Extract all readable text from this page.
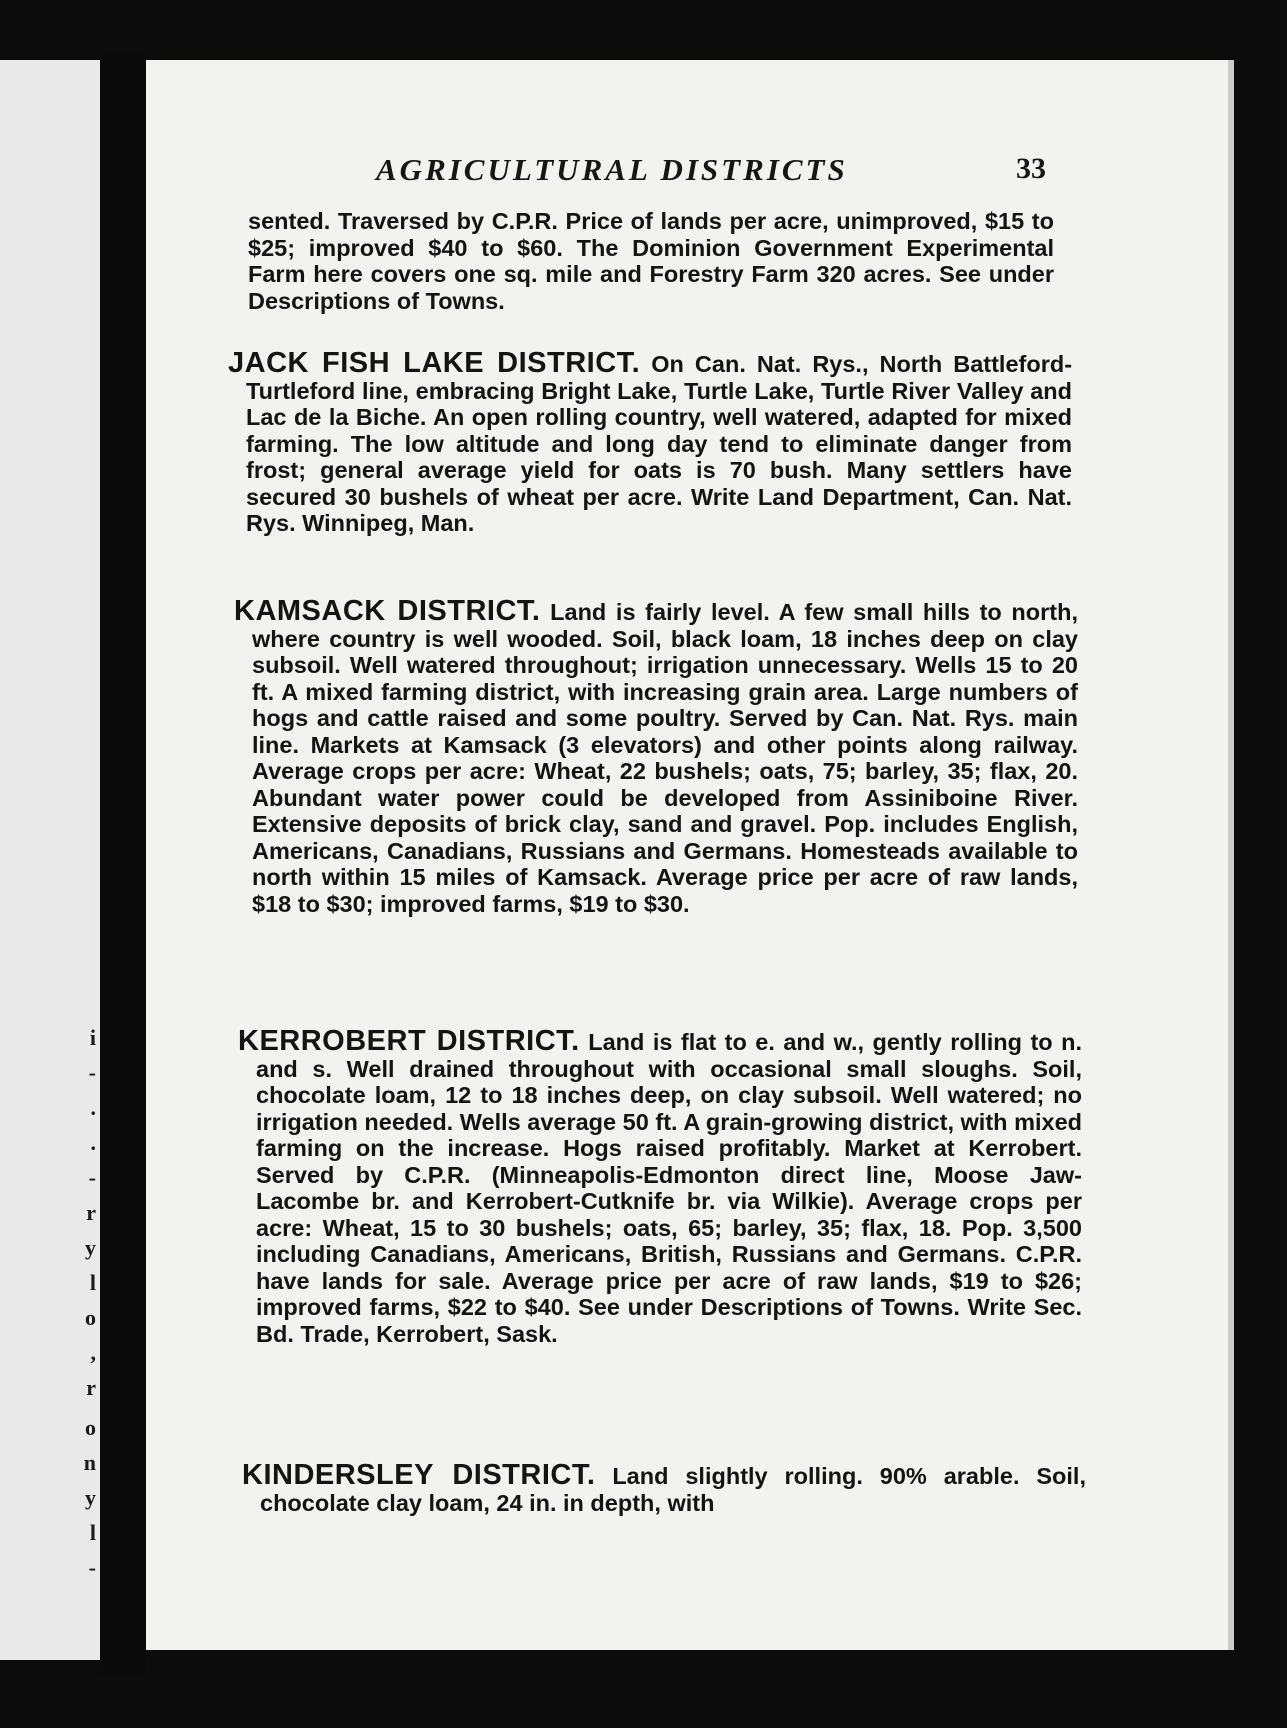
i
-
.
.
-
r
y
l
o
,
r
o
n
y
l
-
AGRICULTURAL DISTRICTS	33

sented. Traversed by C.P.R. Price of lands per acre, unimproved, $15 to $25; improved $40 to $60. The Dominion Government Experimental Farm here covers one sq. mile and Forestry Farm 320 acres. See under Descriptions of Towns.

JACK FISH LAKE DISTRICT. On Can. Nat. Rys., North Battleford-Turtleford line, embracing Bright Lake, Turtle Lake, Turtle River Valley and Lac de la Biche. An open rolling country, well watered, adapted for mixed farming. The low altitude and long day tend to eliminate danger from frost; general average yield for oats is 70 bush. Many settlers have secured 30 bushels of wheat per acre. Write Land Department, Can. Nat. Rys. Winnipeg, Man.

KAMSACK DISTRICT. Land is fairly level. A few small hills to north, where country is well wooded. Soil, black loam, 18 inches deep on clay subsoil. Well watered throughout; irrigation unnecessary. Wells 15 to 20 ft. A mixed farming district, with increasing grain area. Large numbers of hogs and cattle raised and some poultry. Served by Can. Nat. Rys. main line. Markets at Kamsack (3 elevators) and other points along railway. Average crops per acre: Wheat, 22 bushels; oats, 75; barley, 35; flax, 20. Abundant water power could be developed from Assiniboine River. Extensive deposits of brick clay, sand and gravel. Pop. includes English, Americans, Canadians, Russians and Germans. Homesteads available to north within 15 miles of Kamsack. Average price per acre of raw lands, $18 to $30; improved farms, $19 to $30.

KERROBERT DISTRICT. Land is flat to e. and w., gently rolling to n. and s. Well drained throughout with occasional small sloughs. Soil, chocolate loam, 12 to 18 inches deep, on clay subsoil. Well watered; no irrigation needed. Wells average 50 ft. A grain-growing district, with mixed farming on the increase. Hogs raised profitably. Market at Kerrobert. Served by C.P.R. (Minneapolis-Edmonton direct line, Moose Jaw-Lacombe br. and Kerrobert-Cutknife br. via Wilkie). Average crops per acre: Wheat, 15 to 30 bushels; oats, 65; barley, 35; flax, 18. Pop. 3,500 including Canadians, Americans, British, Russians and Germans. C.P.R. have lands for sale. Average price per acre of raw lands, $19 to $26; improved farms, $22 to $40. See under Descriptions of Towns. Write Sec. Bd. Trade, Kerrobert, Sask.

KINDERSLEY DISTRICT. Land slightly rolling. 90% arable. Soil, chocolate clay loam, 24 in. in depth, with
